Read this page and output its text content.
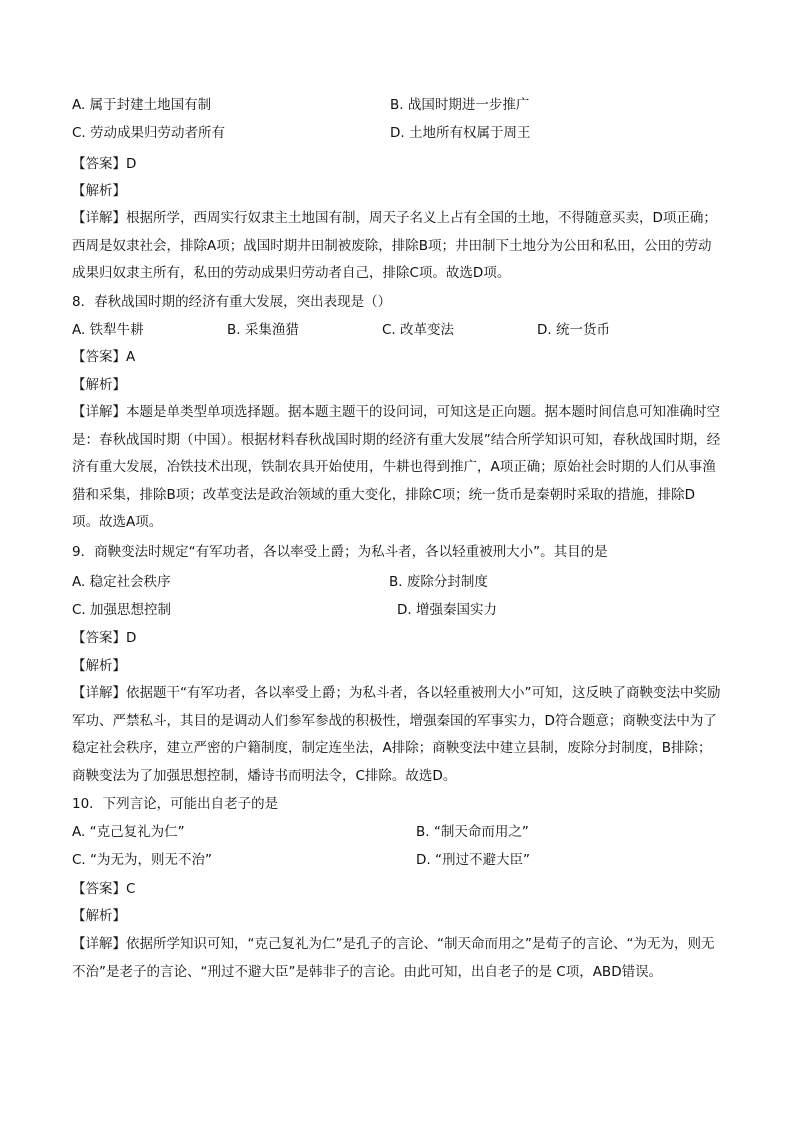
A. 属于封建土地国有制	B. 战国时期进一步推广
C. 劳动成果归劳动者所有	D. 土地所有权属于周王
【答案】D
【解析】
【详解】根据所学，西周实行奴隶主土地国有制，周天子名义上占有全国的土地，不得随意买卖，D项正确；西周是奴隶社会，排除A项；战国时期井田制被废除，排除B项；井田制下土地分为公田和私田，公田的劳动成果归奴隶主所有，私田的劳动成果归劳动者自己，排除C项。故选D项。
8．春秋战国时期的经济有重大发展，突出表现是（）
A. 铁犁牛耕	B. 采集渔猎	C. 改革变法	D. 统一货币
【答案】A
【解析】
【详解】本题是单类型单项选择题。据本题主题干的设问词，可知这是正向题。据本题时间信息可知准确时空是：春秋战国时期（中国）。根据材料春秋战国时期的经济有重大发展”结合所学知识可知，春秋战国时期，经济有重大发展，冶铁技术出现，铁制农具开始使用，牛耕也得到推广，A项正确；原始社会时期的人们从事渔猎和采集，排除B项；改革变法是政治领域的重大变化，排除C项；统一货币是秦朝时采取的措施，排除D项。故选A项。
9．商鞅变法时规定“有军功者，各以率受上爵；为私斗者，各以轻重被刑大小”。其目的是
A. 稳定社会秩序	B. 废除分封制度
C. 加强思想控制	D. 增强秦国实力
【答案】D
【解析】
【详解】依据题干“有军功者，各以率受上爵；为私斗者，各以轻重被刑大小”可知，这反映了商鞅变法中奖励军功、严禁私斗，其目的是调动人们参军参战的积极性，增强秦国的军事实力，D符合题意；商鞅变法中为了稳定社会秩序，建立严密的户籍制度，制定连坐法，A排除；商鞅变法中建立县制，废除分封制度，B排除；商鞅变法为了加强思想控制，燔诗书而明法令，C排除。故选D。
10．下列言论，可能出自老子的是
A. “克己复礼为仁”	B. “制天命而用之”
C. “为无为，则无不治”	D. “刑过不避大臣”
【答案】C
【解析】
【详解】依据所学知识可知，“克己复礼为仁”是孔子的言论、“制天命而用之”是荀子的言论、“为无为，则无不治”是老子的言论、“刑过不避大臣”是韩非子的言论。由此可知，出自老子的是 C项，ABD错误。
